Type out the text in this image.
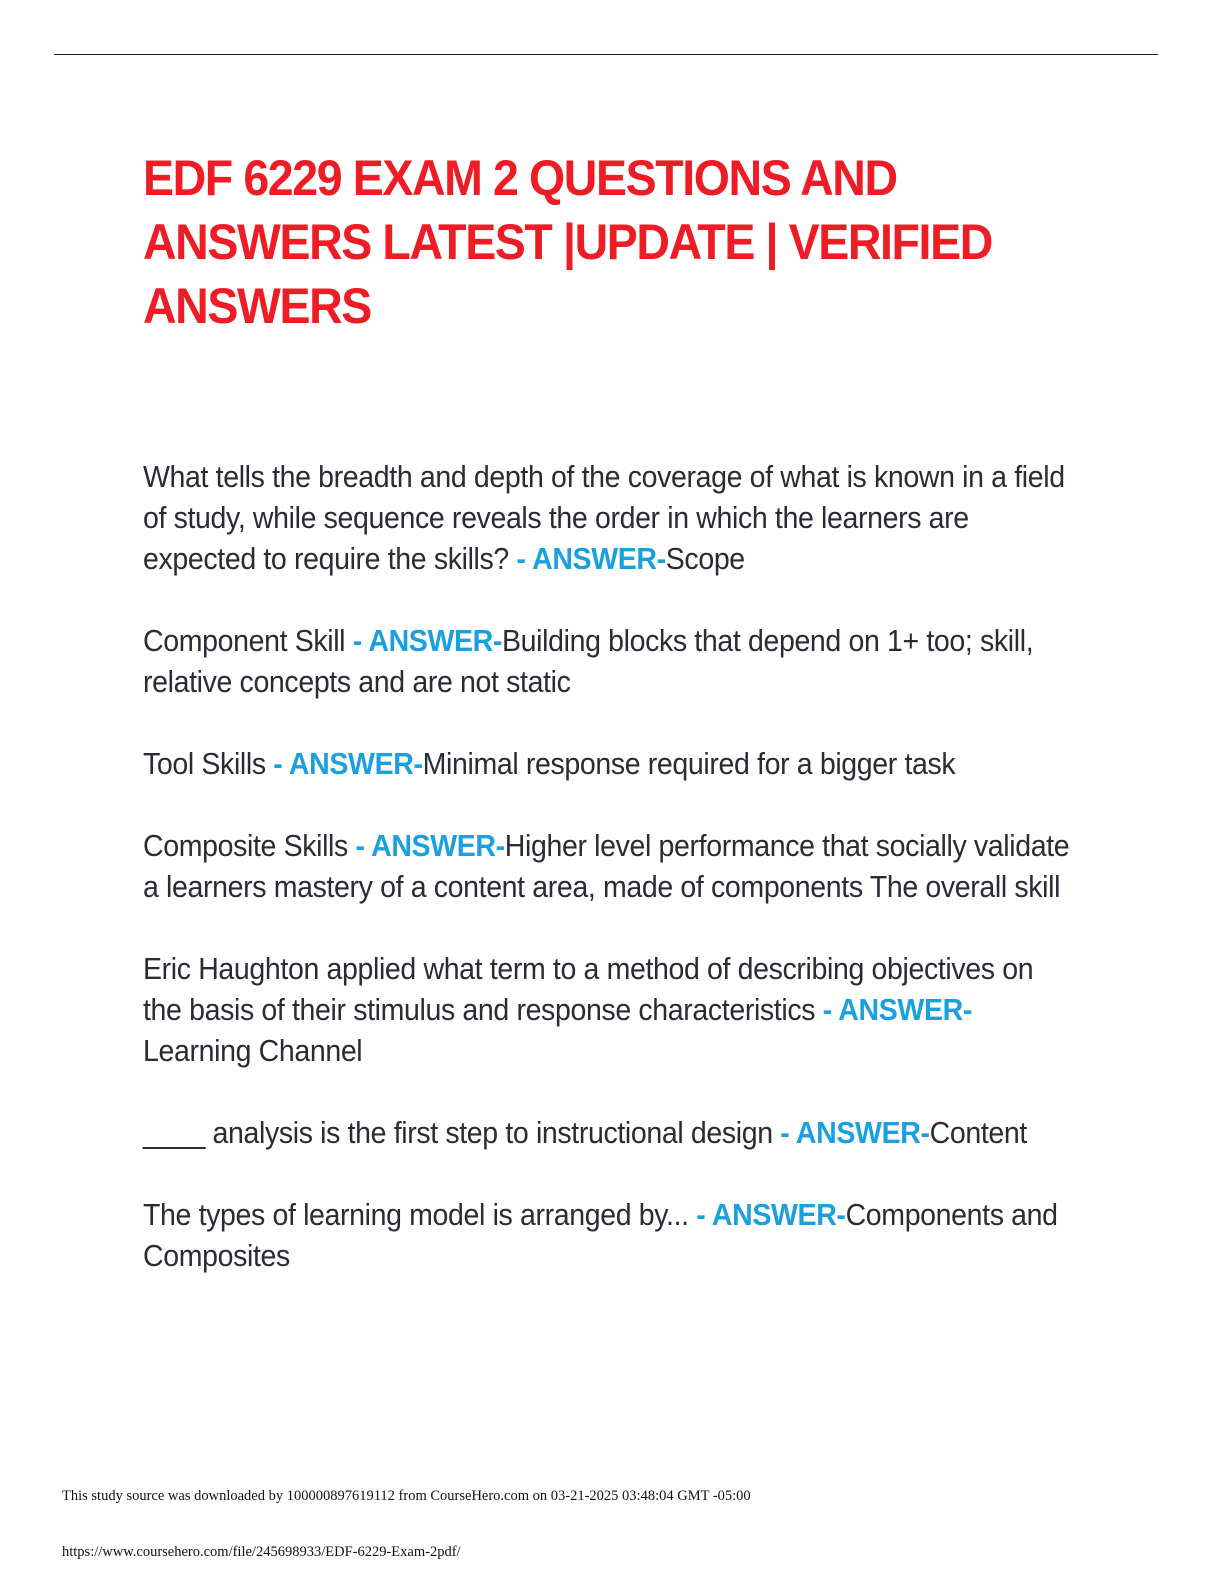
EDF 6229 EXAM 2 QUESTIONS AND ANSWERS LATEST |UPDATE | VERIFIED ANSWERS
What tells the breadth and depth of the coverage of what is known in a field of study, while sequence reveals the order in which the learners are expected to require the skills? - ANSWER-Scope
Component Skill - ANSWER-Building blocks that depend on 1+ too; skill, relative concepts and are not static
Tool Skills - ANSWER-Minimal response required for a bigger task
Composite Skills - ANSWER-Higher level performance that socially validate a learners mastery of a content area, made of components The overall skill
Eric Haughton applied what term to a method of describing objectives on the basis of their stimulus and response characteristics - ANSWER-Learning Channel
____ analysis is the first step to instructional design - ANSWER-Content
The types of learning model is arranged by... - ANSWER-Components and Composites
This study source was downloaded by 100000897619112 from CourseHero.com on 03-21-2025 03:48:04 GMT -05:00
https://www.coursehero.com/file/245698933/EDF-6229-Exam-2pdf/
